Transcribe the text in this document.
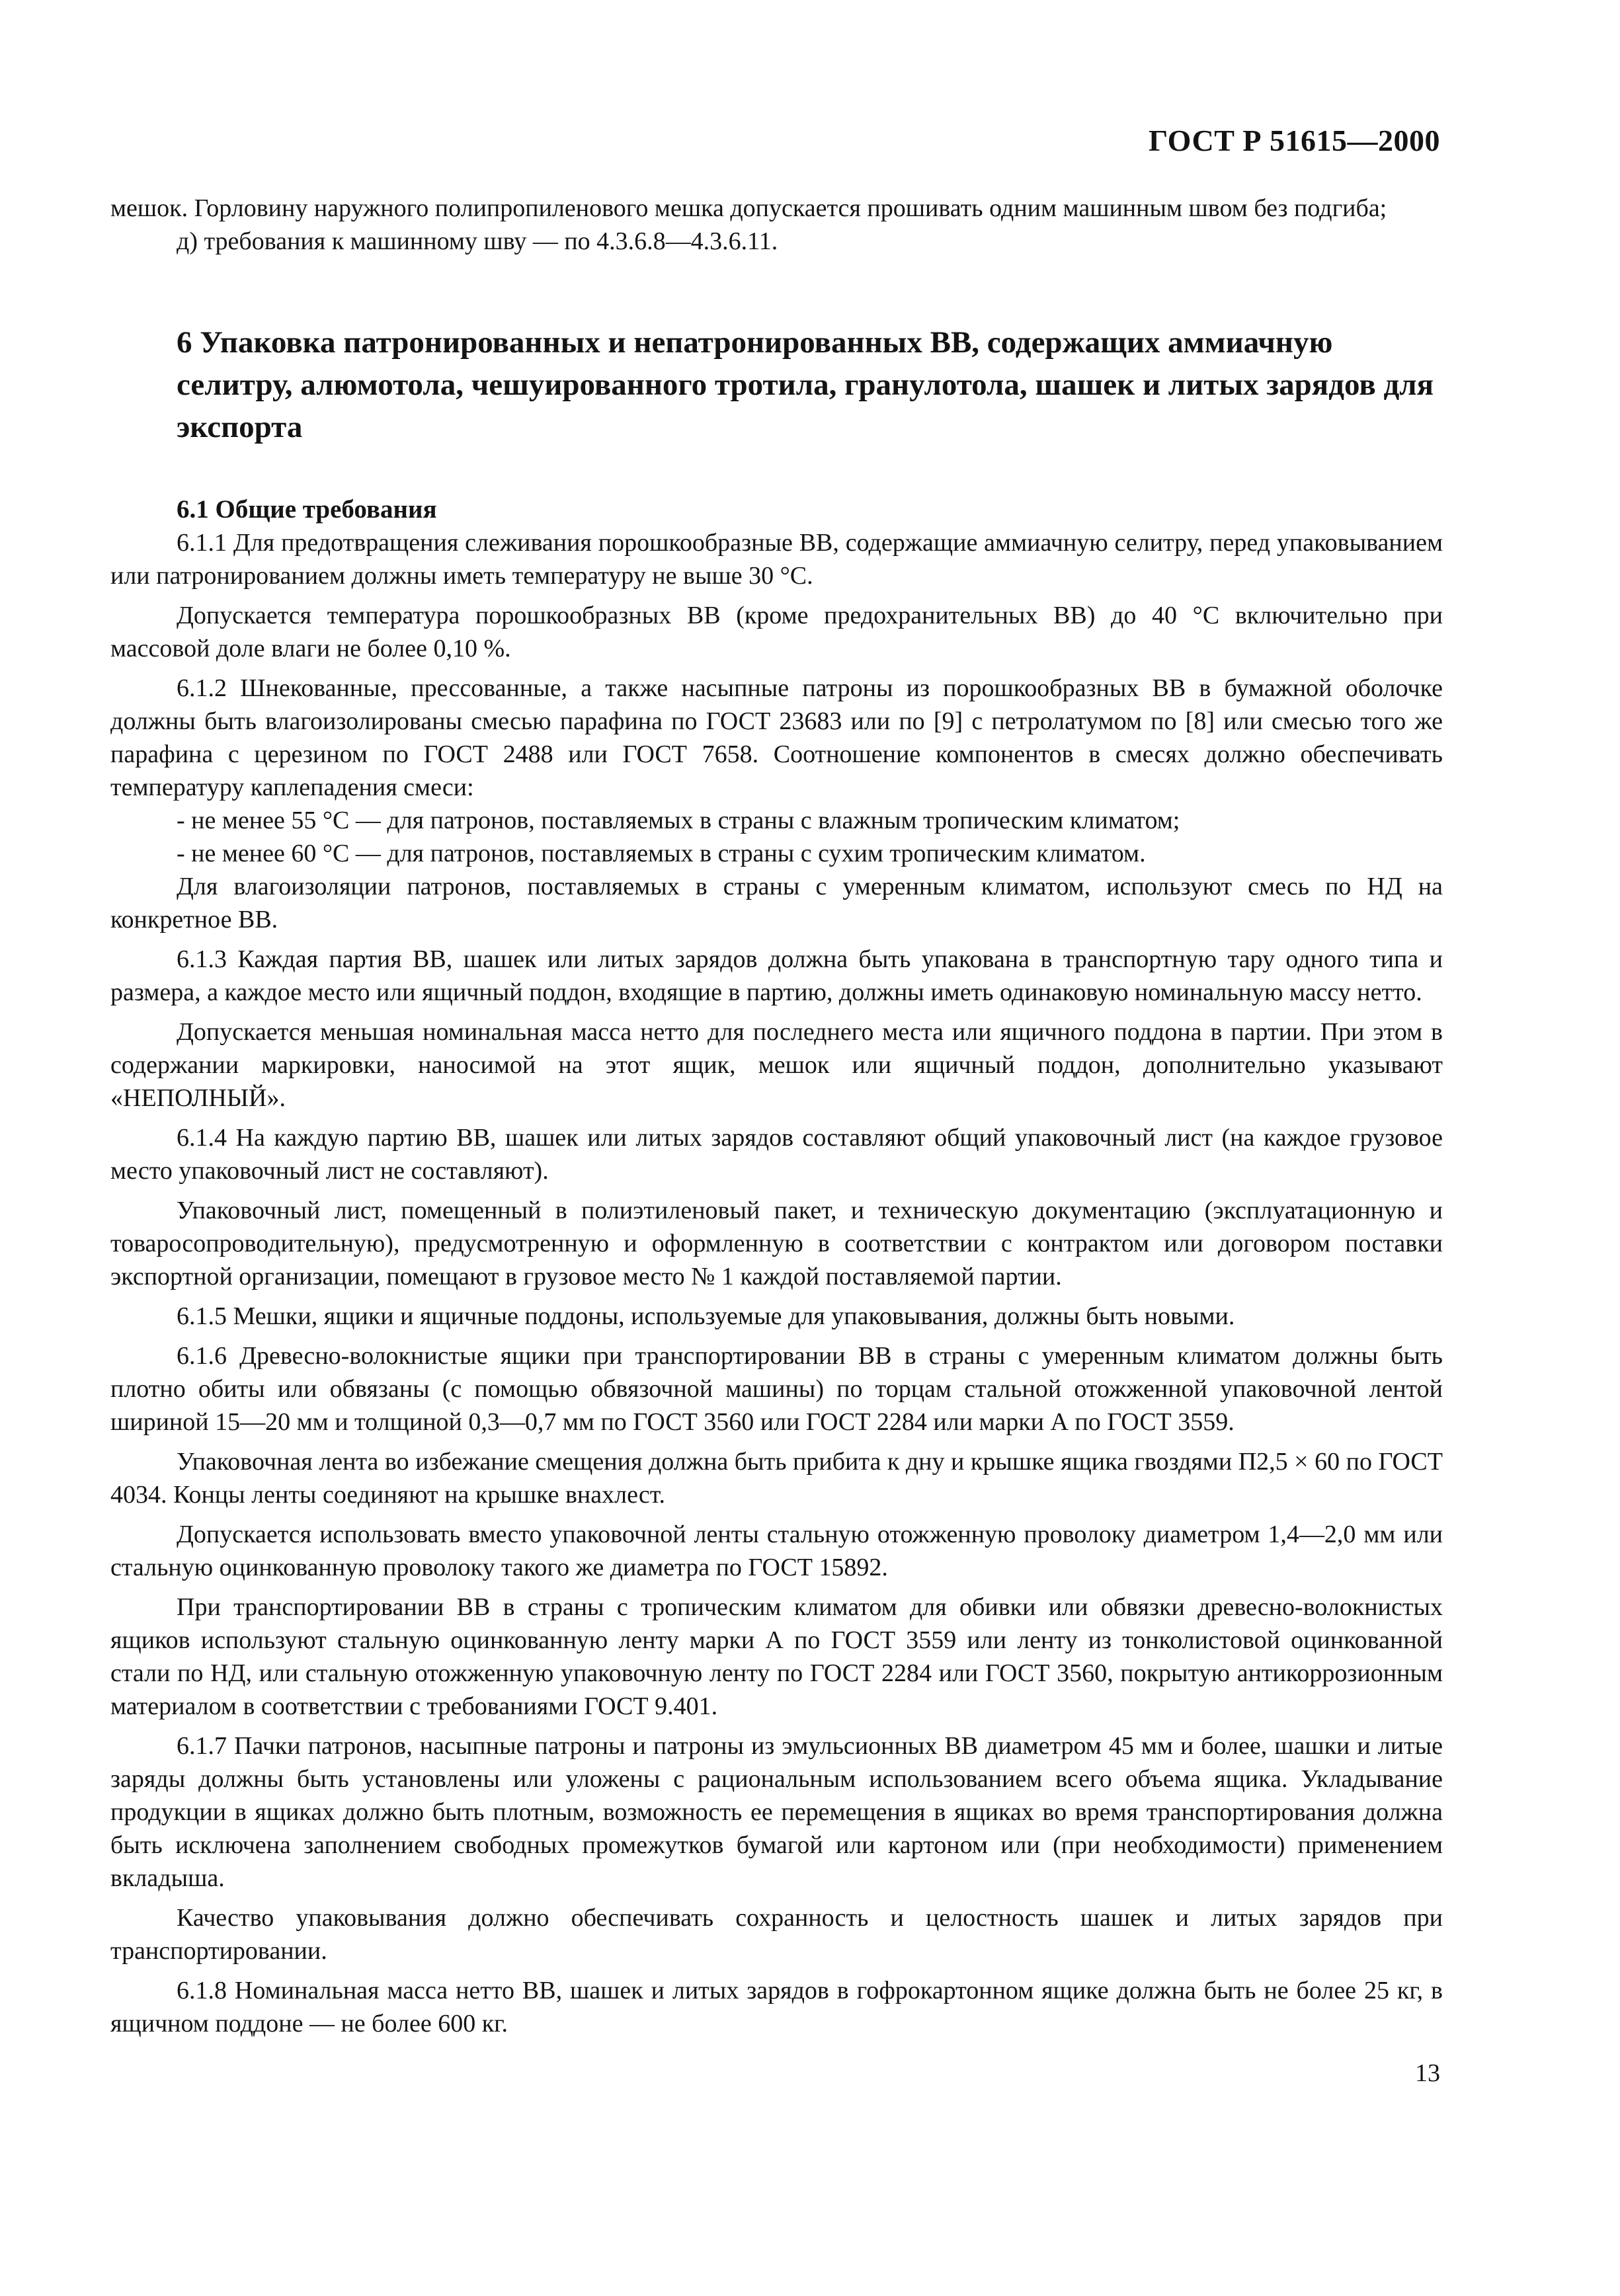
ГОСТ Р 51615—2000

мешок. Горловину наружного полипропиленового мешка допускается прошивать одним машинным швом без подгиба;

д) требования к машинному шву — по 4.3.6.8—4.3.6.11.

6 Упаковка патронированных и непатронированных ВВ, содержащих аммиачную селитру, алюмотола, чешуированного тротила, гранулотола, шашек и литых зарядов для экспорта
6.1 Общие требования

6.1.1 Для предотвращения слеживания порошкообразные ВВ, содержащие аммиачную селитру, перед упаковыванием или патронированием должны иметь температуру не выше 30 °С.

Допускается температура порошкообразных ВВ (кроме предохранительных ВВ) до 40 °С включительно при массовой доле влаги не более 0,10 %.

6.1.2 Шнекованные, прессованные, а также насыпные патроны из порошкообразных ВВ в бумажной оболочке должны быть влагоизолированы смесью парафина по ГОСТ 23683 или по [9] с петролатумом по [8] или смесью того же парафина с церезином по ГОСТ 2488 или ГОСТ 7658. Соотношение компонентов в смесях должно обеспечивать температуру каплепадения смеси:

- не менее 55 °С — для патронов, поставляемых в страны с влажным тропическим климатом;

- не менее 60 °С — для патронов, поставляемых в страны с сухим тропическим климатом.

Для влагоизоляции патронов, поставляемых в страны с умеренным климатом, используют смесь по НД на конкретное ВВ.

6.1.3 Каждая партия ВВ, шашек или литых зарядов должна быть упакована в транспортную тару одного типа и размера, а каждое место или ящичный поддон, входящие в партию, должны иметь одинаковую номинальную массу нетто.

Допускается меньшая номинальная масса нетто для последнего места или ящичного поддона в партии. При этом в содержании маркировки, наносимой на этот ящик, мешок или ящичный поддон, дополнительно указывают «НЕПОЛНЫЙ».

6.1.4 На каждую партию ВВ, шашек или литых зарядов составляют общий упаковочный лист (на каждое грузовое место упаковочный лист не составляют).

Упаковочный лист, помещенный в полиэтиленовый пакет, и техническую документацию (эксплуатационную и товаросопроводительную), предусмотренную и оформленную в соответствии с контрактом или договором поставки экспортной организации, помещают в грузовое место № 1 каждой поставляемой партии.

6.1.5 Мешки, ящики и ящичные поддоны, используемые для упаковывания, должны быть новыми.

6.1.6 Древесно-волокнистые ящики при транспортировании ВВ в страны с умеренным климатом должны быть плотно обиты или обвязаны (с помощью обвязочной машины) по торцам стальной отожженной упаковочной лентой шириной 15—20 мм и толщиной 0,3—0,7 мм по ГОСТ 3560 или ГОСТ 2284 или марки А по ГОСТ 3559.

Упаковочная лента во избежание смещения должна быть прибита к дну и крышке ящика гвоздями П2,5 × 60 по ГОСТ 4034. Концы ленты соединяют на крышке внахлест.

Допускается использовать вместо упаковочной ленты стальную отожженную проволоку диаметром 1,4—2,0 мм или стальную оцинкованную проволоку такого же диаметра по ГОСТ 15892.

При транспортировании ВВ в страны с тропическим климатом для обивки или обвязки древесно-волокнистых ящиков используют стальную оцинкованную ленту марки А по ГОСТ 3559 или ленту из тонколистовой оцинкованной стали по НД, или стальную отожженную упаковочную ленту по ГОСТ 2284 или ГОСТ 3560, покрытую антикоррозионным материалом в соответствии с требованиями ГОСТ 9.401.

6.1.7 Пачки патронов, насыпные патроны и патроны из эмульсионных ВВ диаметром 45 мм и более, шашки и литые заряды должны быть установлены или уложены с рациональным использованием всего объема ящика. Укладывание продукции в ящиках должно быть плотным, возможность ее перемещения в ящиках во время транспортирования должна быть исключена заполнением свободных промежутков бумагой или картоном или (при необходимости) применением вкладыша.

Качество упаковывания должно обеспечивать сохранность и целостность шашек и литых зарядов при транспортировании.

6.1.8 Номинальная масса нетто ВВ, шашек и литых зарядов в гофрокартонном ящике должна быть не более 25 кг, в ящичном поддоне — не более 600 кг.

13
